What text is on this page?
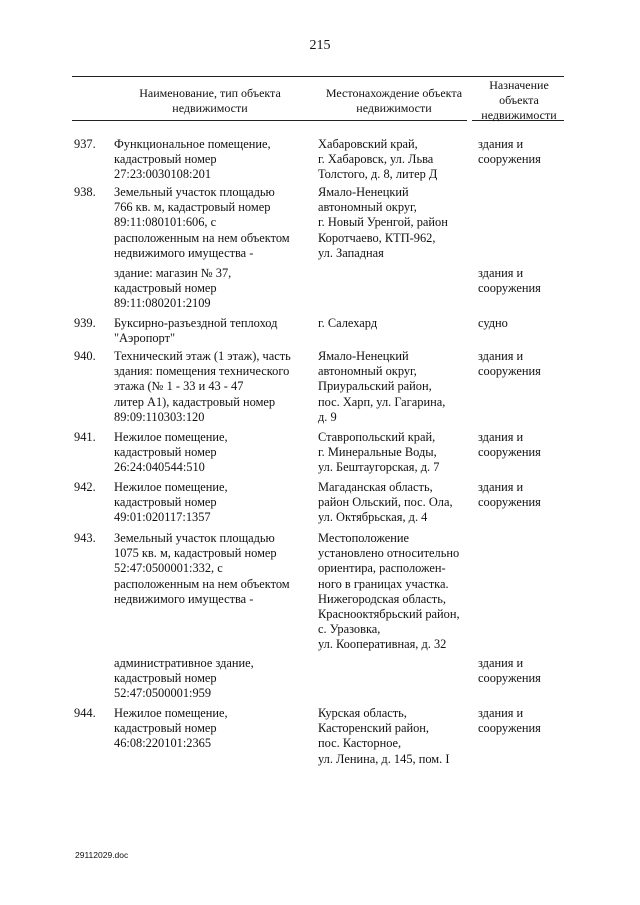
215
Наименование, тип объекта
недвижимости
Местонахождение объекта
недвижимости
Назначение
объекта
недвижимости
937. Функциональное помещение,
кадастровый номер
27:23:0030108:201
Хабаровский край,
г. Хабаровск, ул. Льва
Толстого, д. 8, литер Д
здания и
сооружения
938. Земельный участок площадью
766 кв. м, кадастровый номер
89:11:080101:606, с
расположенным на нем объектом
недвижимого имущества -
Ямало-Ненецкий
автономный округ,
г. Новый Уренгой, район
Коротчаево, КТП-962,
ул. Западная
здание: магазин № 37,
кадастровый номер
89:11:080201:2109
здания и
сооружения
939. Буксирно-разъездной теплоход
"Аэропорт"
г. Салехард	судно
940. Технический этаж (1 этаж), часть
здания: помещения технического
этажа (№ 1 - 33 и 43 - 47
литер А1), кадастровый номер
89:09:110303:120
Ямало-Ненецкий
автономный округ,
Приуральский район,
пос. Харп, ул. Гагарина,
д. 9
здания и
сооружения
941. Нежилое помещение,
кадастровый номер
26:24:040544:510
Ставропольский край,
г. Минеральные Воды,
ул. Бештаугорская, д. 7
здания и
сооружения
942. Нежилое помещение,
кадастровый номер
49:01:020117:1357
Магаданская область,
район Ольский, пос. Ола,
ул. Октябрьская, д. 4
здания и
сооружения
943. Земельный участок площадью
1075 кв. м, кадастровый номер
52:47:0500001:332, с
расположенным на нем объектом
недвижимого имущества -
Местоположение
установлено относительно
ориентира, расположен-
ного в границах участка.
Нижегородская область,
Краснооктябрьский район,
с. Уразовка,
ул. Кооперативная, д. 32
административное здание,
кадастровый номер
52:47:0500001:959
здания и
сооружения
944. Нежилое помещение,
кадастровый номер
46:08:220101:2365
Курская область,
Касторенский район,
пос. Касторное,
ул. Ленина, д. 145, пом. I
здания и
сооружения
29112029.doc
